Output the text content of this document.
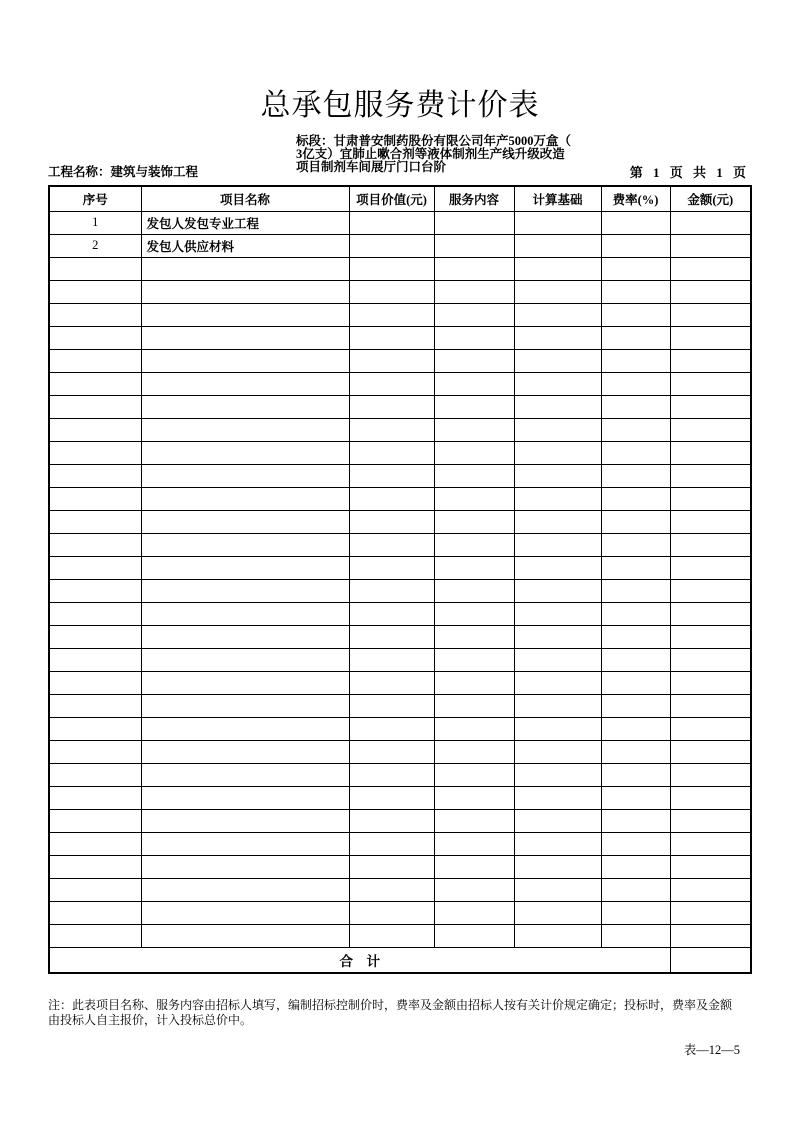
总承包服务费计价表
标段：甘肃普安制药股份有限公司年产5000万盒（
3亿支）宜肺止嗽合剂等液体制剂生产线升级改造
项目制剂车间展厅门口台阶
工程名称：建筑与装饰工程	第 1 页 共 1 页
序号	项目名称	项目价值(元)	服务内容	计算基础	费率(%)	金额(元)
1	发包人发包专业工程					
2	发包人供应材料					

合　计						
注：此表项目名称、服务内容由招标人填写，编制招标控制价时，费率及金额由招标人按有关计价规定确定；投标时，费率及金额
由投标人自主报价，计入投标总价中。
表—12—5
